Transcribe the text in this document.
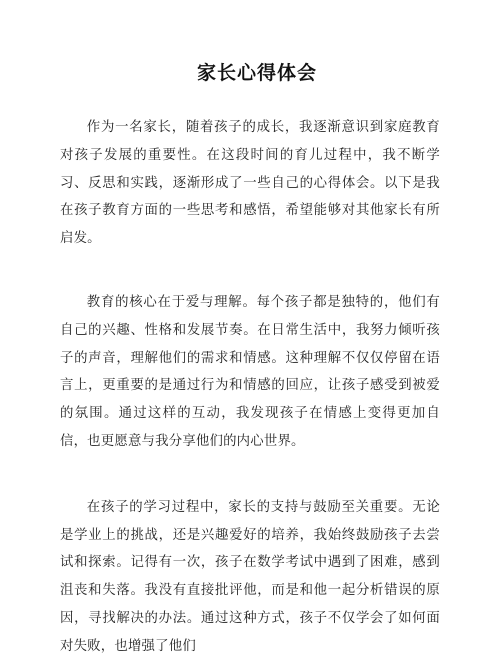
家长心得体会

作为一名家长，随着孩子的成长，我逐渐意识到家庭教育对孩子发展的重要性。在这段时间的育儿过程中，我不断学习、反思和实践，逐渐形成了一些自己的心得体会。以下是我在孩子教育方面的一些思考和感悟，希望能够对其他家长有所启发。

教育的核心在于爱与理解。每个孩子都是独特的，他们有自己的兴趣、性格和发展节奏。在日常生活中，我努力倾听孩子的声音，理解他们的需求和情感。这种理解不仅仅停留在语言上，更重要的是通过行为和情感的回应，让孩子感受到被爱的氛围。通过这样的互动，我发现孩子在情感上变得更加自信，也更愿意与我分享他们的内心世界。

在孩子的学习过程中，家长的支持与鼓励至关重要。无论是学业上的挑战，还是兴趣爱好的培养，我始终鼓励孩子去尝试和探索。记得有一次，孩子在数学考试中遇到了困难，感到沮丧和失落。我没有直接批评他，而是和他一起分析错误的原因，寻找解决的办法。通过这种方式，孩子不仅学会了如何面对失败，也增强了他们
